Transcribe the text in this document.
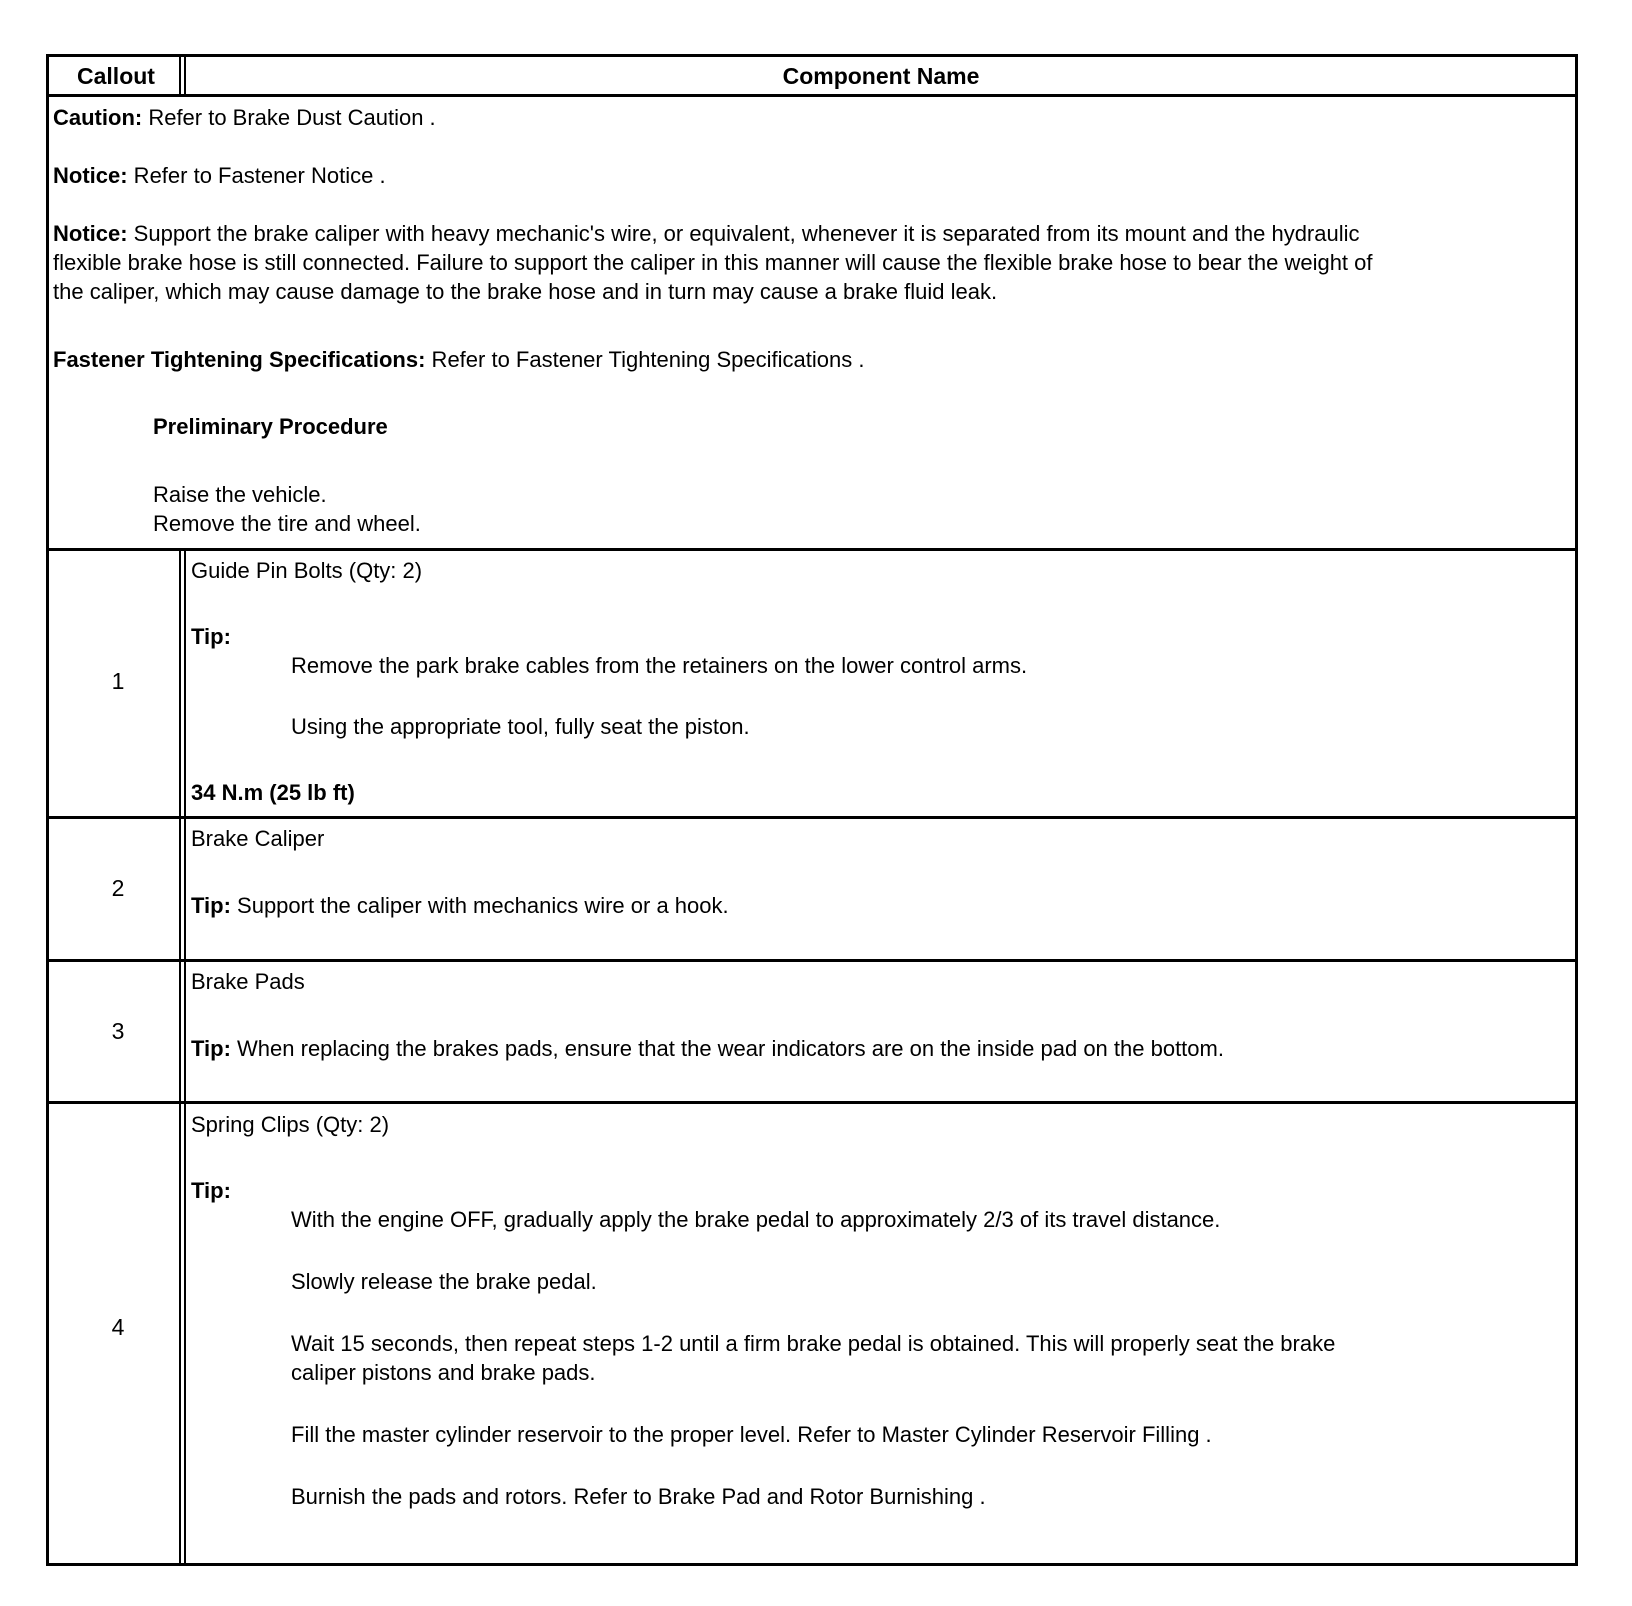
Callout	Component Name
Caution: Refer to Brake Dust Caution .
Notice: Refer to Fastener Notice .
Notice: Support the brake caliper with heavy mechanic's wire, or equivalent, whenever it is separated from its mount and the hydraulic
flexible brake hose is still connected. Failure to support the caliper in this manner will cause the flexible brake hose to bear the weight of
the caliper, which may cause damage to the brake hose and in turn may cause a brake fluid leak.
Fastener Tightening Specifications: Refer to Fastener Tightening Specifications .
Preliminary Procedure
Raise the vehicle.
Remove the tire and wheel.
1
Guide Pin Bolts (Qty: 2)
Tip:
Remove the park brake cables from the retainers on the lower control arms.
Using the appropriate tool, fully seat the piston.
34 N.m (25 lb ft)
2
Brake Caliper
Tip: Support the caliper with mechanics wire or a hook.
3
Brake Pads
Tip: When replacing the brakes pads, ensure that the wear indicators are on the inside pad on the bottom.
4
Spring Clips (Qty: 2)
Tip:
With the engine OFF, gradually apply the brake pedal to approximately 2/3 of its travel distance.
Slowly release the brake pedal.
Wait 15 seconds, then repeat steps 1-2 until a firm brake pedal is obtained. This will properly seat the brake
caliper pistons and brake pads.
Fill the master cylinder reservoir to the proper level. Refer to Master Cylinder Reservoir Filling .
Burnish the pads and rotors. Refer to Brake Pad and Rotor Burnishing .
